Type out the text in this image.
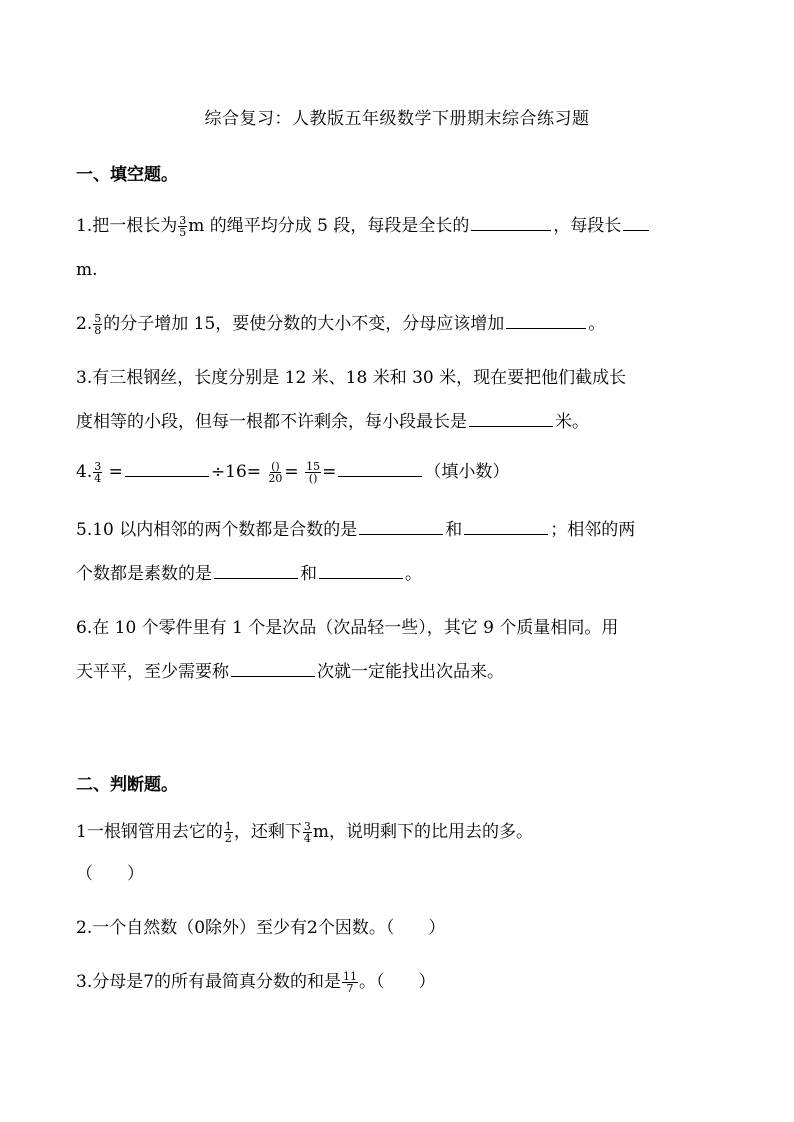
综合复习：人教版五年级数学下册期末综合练习题
一、填空题。
1.把一根长为 $\frac{3}{5}$ m 的绳平均分成 5 段，每段是全长的	，每段长
m.
2. $\frac{5}{8}$ 的分子增加 15，要使分数的大小不变，分母应该增加	。
3.有三根钢丝，长度分别是 12 米、18 米和 30 米，现在要把他们截成长
度相等的小段，但每一根都不许剩余，每小段最长是	米。
4. $\frac{3}{4}$ =	$\div 16= \frac{()}{20} = \frac{15}{()}$ =	（填小数）
5.10 以内相邻的两个数都是合数的是	和	；相邻的两
个数都是素数的是	和	。
6.在 10 个零件里有 1 个是次品（次品轻一些），其它 9 个质量相同。用
天平平，至少需要称	次就一定能找出次品来。
二、判断题。
1一根钢管用去它的 $\frac{1}{2}$ ，还剩下 $\frac{3}{4}$ m，说明剩下的比用去的多。
（　　）
2.一个自然数（0除外）至少有2个因数。（　　）
3.分母是7的所有最简真分数的和是 $\frac{11}{7}$ 。（　　）
